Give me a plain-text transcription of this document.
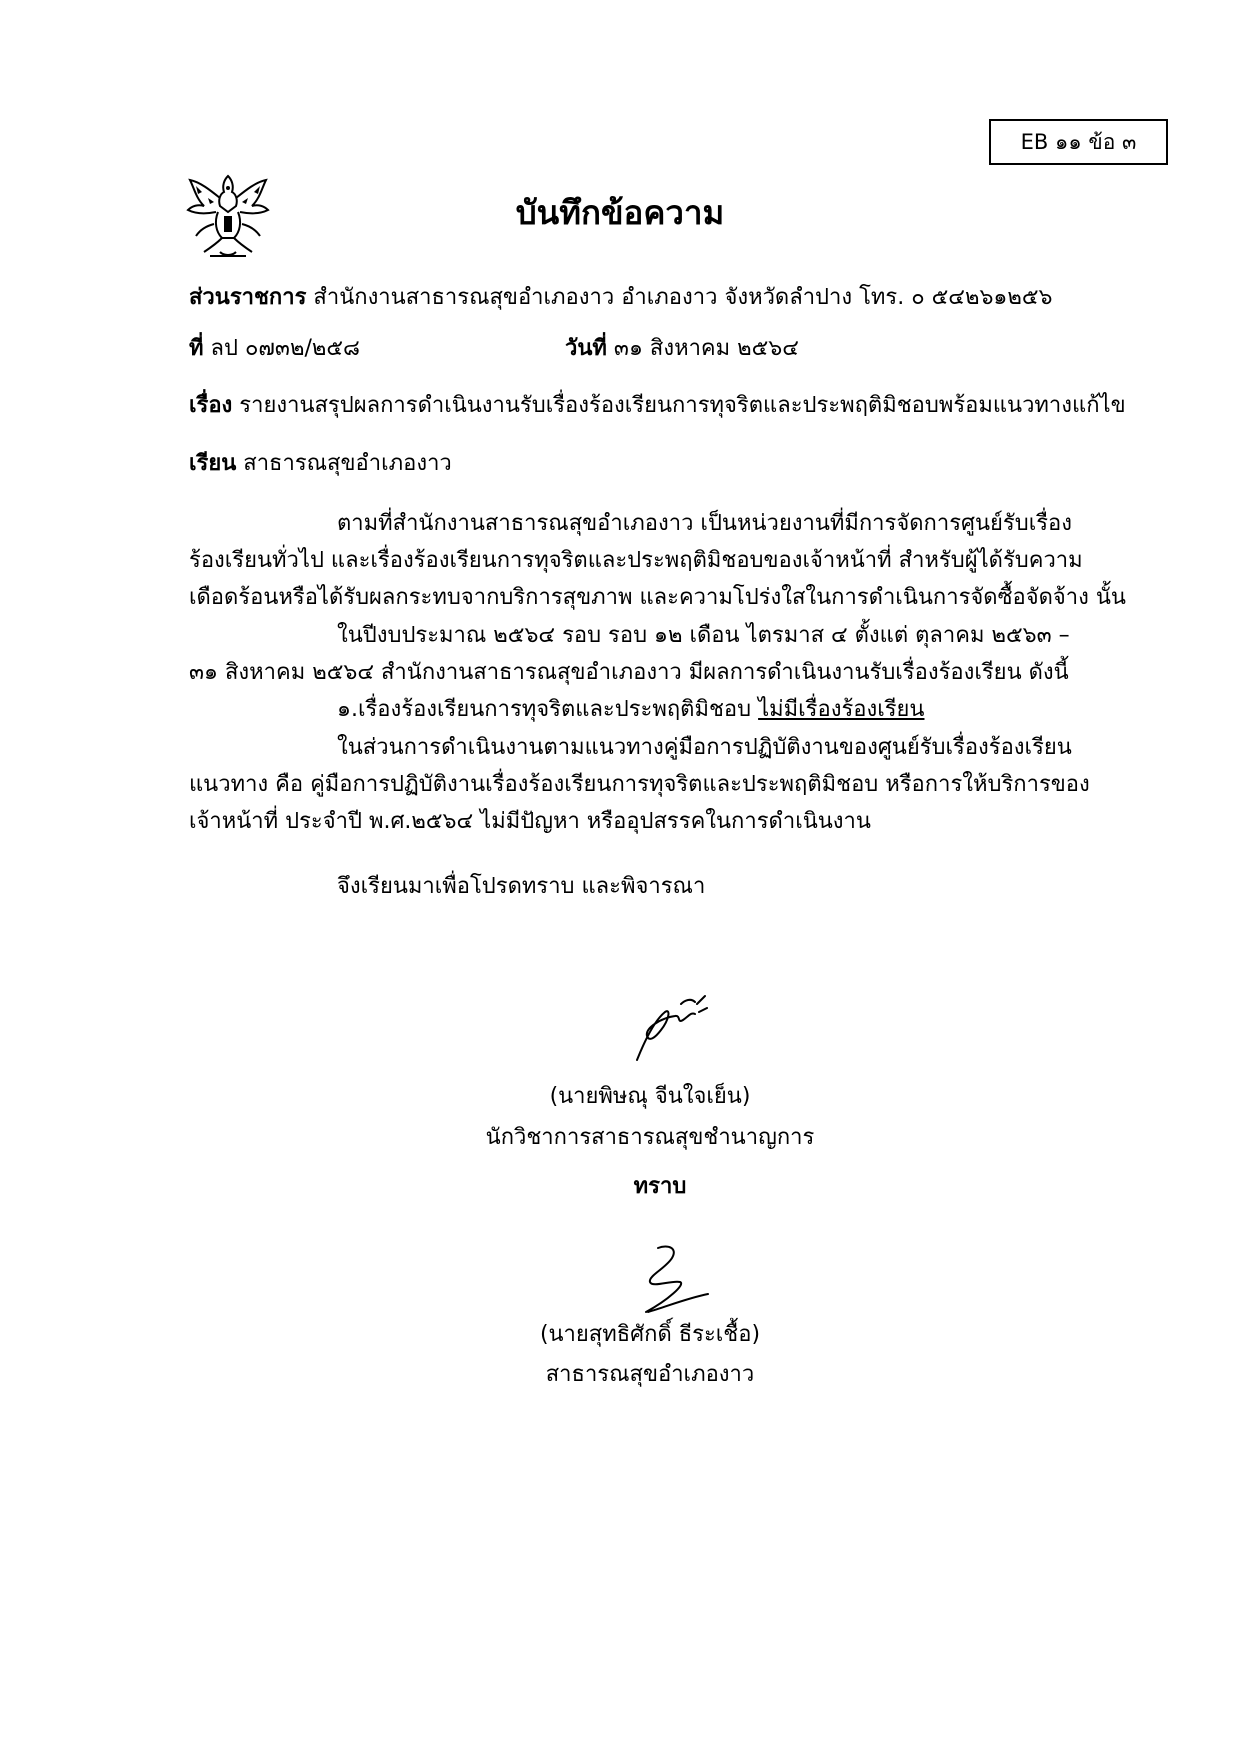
EB ๑๑ ข้อ ๓
บันทึกข้อความ
ส่วนราชการ สำนักงานสาธารณสุขอำเภองาว อำเภองาว จังหวัดลำปาง โทร. ๐ ๕๔๒๖๑๒๕๖
ที่ ลป ๐๗๓๒/๒๕๘	วันที่ ๓๑ สิงหาคม ๒๕๖๔
เรื่อง รายงานสรุปผลการดำเนินงานรับเรื่องร้องเรียนการทุจริตและประพฤติมิชอบพร้อมแนวทางแก้ไข
เรียน สาธารณสุขอำเภองาว
ตามที่สำนักงานสาธารณสุขอำเภองาว เป็นหน่วยงานที่มีการจัดการศูนย์รับเรื่อง
ร้องเรียนทั่วไป และเรื่องร้องเรียนการทุจริตและประพฤติมิชอบของเจ้าหน้าที่ สำหรับผู้ได้รับความ
เดือดร้อนหรือได้รับผลกระทบจากบริการสุขภาพ และความโปร่งใสในการดำเนินการจัดซื้อจัดจ้าง นั้น
ในปีงบประมาณ ๒๕๖๔ รอบ รอบ ๑๒ เดือน ไตรมาส ๔ ตั้งแต่ ตุลาคม ๒๕๖๓ –
๓๑ สิงหาคม ๒๕๖๔ สำนักงานสาธารณสุขอำเภองาว มีผลการดำเนินงานรับเรื่องร้องเรียน ดังนี้
๑.เรื่องร้องเรียนการทุจริตและประพฤติมิชอบ ไม่มีเรื่องร้องเรียน
ในส่วนการดำเนินงานตามแนวทางคู่มือการปฏิบัติงานของศูนย์รับเรื่องร้องเรียน
แนวทาง คือ คู่มือการปฏิบัติงานเรื่องร้องเรียนการทุจริตและประพฤติมิชอบ หรือการให้บริการของ
เจ้าหน้าที่ ประจำปี พ.ศ.๒๕๖๔ ไม่มีปัญหา หรืออุปสรรคในการดำเนินงาน
จึงเรียนมาเพื่อโปรดทราบ และพิจารณา
(นายพิษณุ จีนใจเย็น)
นักวิชาการสาธารณสุขชำนาญการ
ทราบ
(นายสุทธิศักดิ์ ธีระเชื้อ)
สาธารณสุขอำเภองาว
